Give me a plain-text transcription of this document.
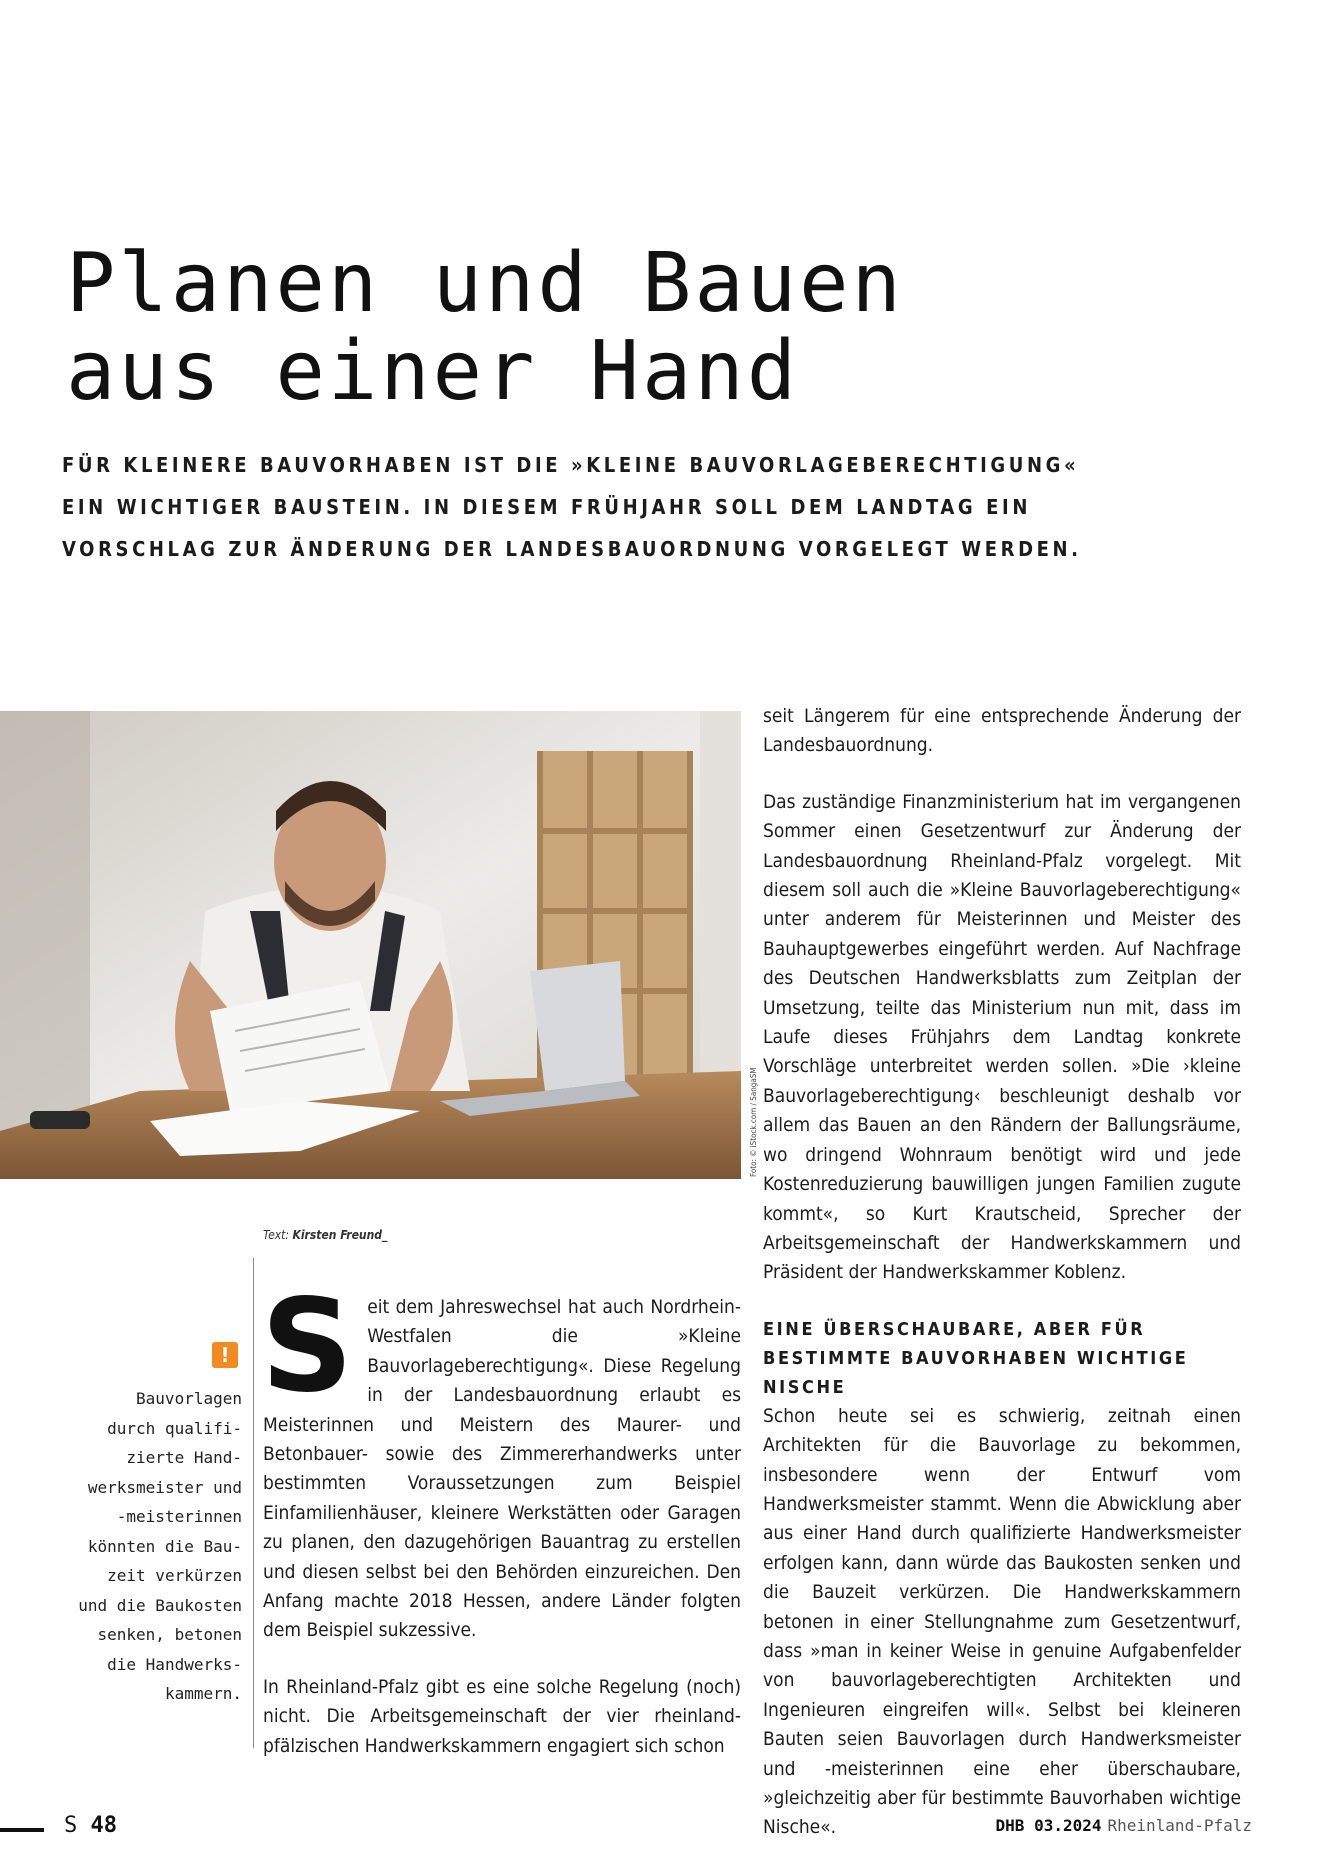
Planen und Bauen
aus einer Hand

FÜR KLEINERE BAUVORHABEN IST DIE »KLEINE BAUVORLAGEBERECHTIGUNG« EIN WICHTIGER BAUSTEIN. IN DIESEM FRÜHJAHR SOLL DEM LANDTAG EIN VORSCHLAG ZUR ÄNDERUNG DER LANDESBAUORDNUNG VORGELEGT WERDEN.

Foto: © iStock.com / SangaSM
Text: Kirsten Freund_
!
Bauvorlagen
durch qualifi-
zierte Hand-
werksmeister und
-meisterinnen
könnten die Bau-
zeit verkürzen
und die Baukosten
senken, betonen
die Handwerks-
kammern.

Seit dem Jahreswechsel hat auch Nordrhein-Westfalen die »Kleine Bauvorlageberechtigung«. Diese Regelung in der Landesbauordnung erlaubt es Meisterinnen und Meistern des Maurer- und Betonbauer- sowie des Zimmererhandwerks unter bestimmten Voraussetzungen zum Beispiel Einfamilienhäuser, kleinere Werkstätten oder Garagen zu planen, den dazugehörigen Bauantrag zu erstellen und diesen selbst bei den Behörden einzureichen. Den Anfang machte 2018 Hessen, andere Länder folgten dem Beispiel sukzessive.

In Rheinland-Pfalz gibt es eine solche Regelung (noch) nicht. Die Arbeitsgemeinschaft der vier rheinland-pfälzischen Handwerkskammern engagiert sich schon

seit Längerem für eine entsprechende Änderung der Landesbauordnung.

Das zuständige Finanzministerium hat im vergangenen Sommer einen Gesetzentwurf zur Änderung der Landesbauordnung Rheinland-Pfalz vorgelegt. Mit diesem soll auch die »Kleine Bauvorlageberechtigung« unter anderem für Meisterinnen und Meister des Bauhauptgewerbes eingeführt werden. Auf Nachfrage des Deutschen Handwerksblatts zum Zeitplan der Umsetzung, teilte das Ministerium nun mit, dass im Laufe dieses Frühjahrs dem Landtag konkrete Vorschläge unterbreitet werden sollen. »Die ›kleine Bauvorlageberechtigung‹ beschleunigt deshalb vor allem das Bauen an den Rändern der Ballungsräume, wo dringend Wohnraum benötigt wird und jede Kostenreduzierung bauwilligen jungen Familien zugute kommt«, so Kurt Krautscheid, Sprecher der Arbeitsgemeinschaft der Handwerkskammern und Präsident der Handwerkskammer Koblenz.

EINE ÜBERSCHAUBARE, ABER FÜR BESTIMMTE BAUVORHABEN WICHTIGE NISCHE

Schon heute sei es schwierig, zeitnah einen Architekten für die Bauvorlage zu bekommen, insbesondere wenn der Entwurf vom Handwerksmeister stammt. Wenn die Abwicklung aber aus einer Hand durch qualifizierte Handwerksmeister erfolgen kann, dann würde das Baukosten senken und die Bauzeit verkürzen. Die Handwerkskammern betonen in einer Stellungnahme zum Gesetzentwurf, dass »man in keiner Weise in genuine Aufgabenfelder von bauvorlageberechtigten Architekten und Ingenieuren eingreifen will«. Selbst bei kleineren Bauten seien Bauvorlagen durch Handwerksmeister und -meisterinnen eine eher überschaubare, »gleichzeitig aber für bestimmte Bauvorhaben wichtige Nische«.

S 48	DHB 03.2024 Rheinland-Pfalz
